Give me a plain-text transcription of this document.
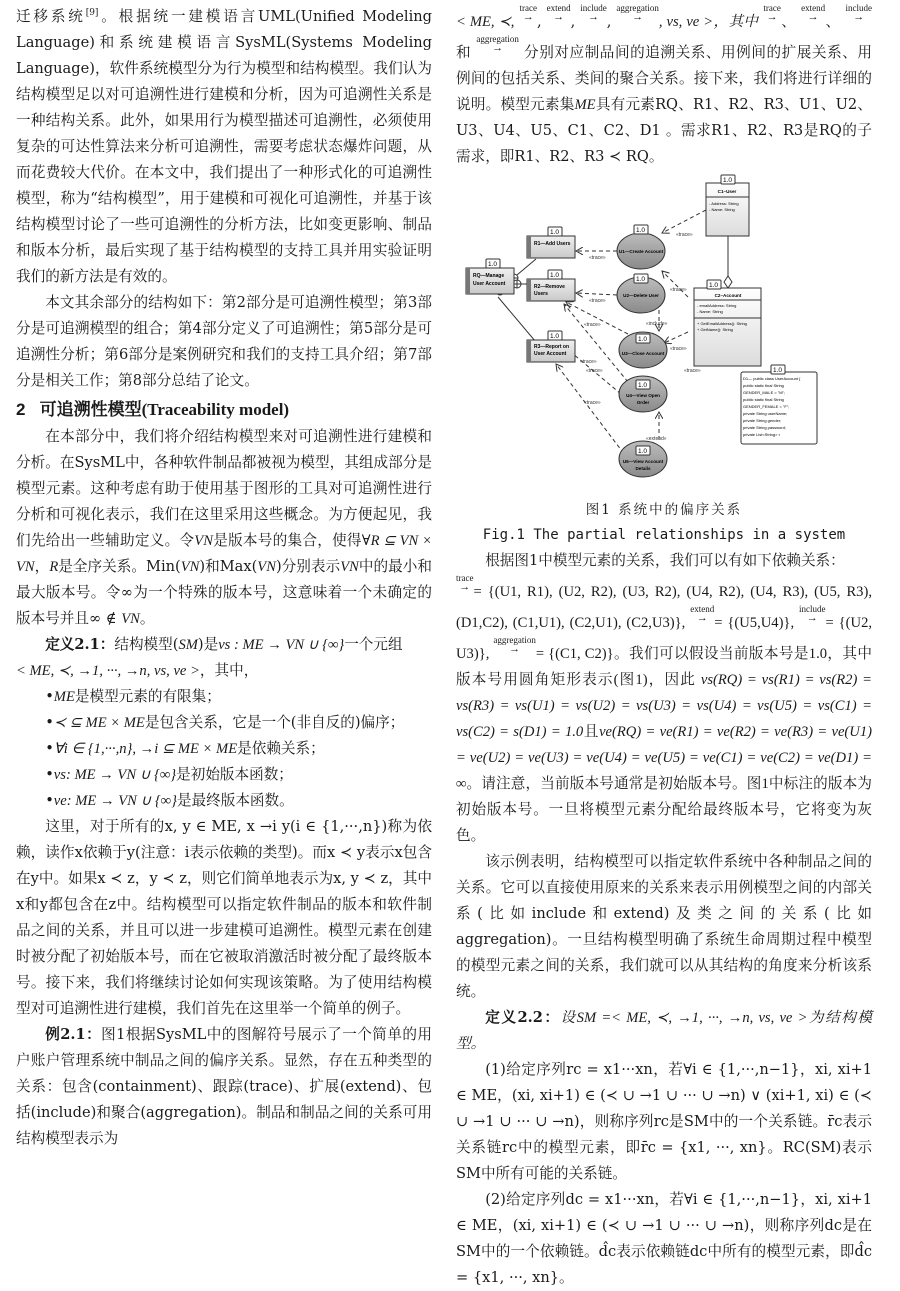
迁移系统[9]。根据统一建模语言UML(Unified Modeling Language)和系统建模语言SysML(Systems Modeling Language)，软件系统模型分为行为模型和结构模型。我们认为结构模型足以对可追溯性进行建模和分析，因为可追溯性关系是一种结构关系。此外，如果用行为模型描述可追溯性，必须使用复杂的可达性算法来分析可追溯性，需要考虑状态爆炸问题，从而花费较大代价。在本文中，我们提出了一种形式化的可追溯性模型，称为“结构模型”，用于建模和可视化可追溯性，并基于该结构模型讨论了一些可追溯性的分析方法，比如变更影响、制品和版本分析，最后实现了基于结构模型的支持工具并用实验证明我们的新方法是有效的。

本文其余部分的结构如下：第2部分是可追溯性模型；第3部分是可追溯模型的组合；第4部分定义了可追溯性；第5部分是可追溯性分析；第6部分是案例研究和我们的支持工具介绍；第7部分是相关工作；第8部分总结了论文。

2 可追溯性模型(Traceability model)

在本部分中，我们将介绍结构模型来对可追溯性进行建模和分析。在SysML中，各种软件制品都被视为模型，其组成部分是模型元素。这种考虑有助于使用基于图形的工具对可追溯性进行分析和可视化表示，我们在这里采用这些概念。为方便起见，我们先给出一些辅助定义。令VN是版本号的集合，使得∀R ⊆ VN × VN，R是全序关系。Min(VN)和Max(VN)分别表示VN中的最小和最大版本号。令∞为一个特殊的版本号，这意味着一个未确定的版本号并且∞ ∉ VN。

定义2.1：结构模型(SM)是vs : ME → VN ∪ {∞}一个元组

< ME, ≺, →1, ···, →n, vs, ve >，其中，

•ME是模型元素的有限集；

•≺ ⊆ ME × ME是包含关系，它是一个(非自反的)偏序；

•∀i ∈ {1,···,n}, →i ⊆ ME × ME是依赖关系；

•vs: ME → VN ∪ {∞}是初始版本函数；

•ve: ME → VN ∪ {∞}是最终版本函数。

这里，对于所有的x, y ∈ ME, x →i y(i ∈ {1,···,n})称为依赖，读作x依赖于y(注意：i表示依赖的类型)。而x ≺ y表示x包含在y中。如果x ≺ z，y ≺ z，则它们简单地表示为x, y ≺ z，其中x和y都包含在z中。结构模型可以指定软件制品的版本和软件制品之间的关系，并且可以进一步建模可追溯性。模型元素在创建时被分配了初始版本号，而在它被取消激活时被分配了最终版本号。接下来，我们将继续讨论如何实现该策略。为了使用结构模型对可追溯性进行建模，我们首先在这里举一个简单的例子。

例2.1：图1根据SysML中的图解符号展示了一个简单的用户账户管理系统中制品之间的偏序关系。显然，存在五种类型的关系：包含(containment)、跟踪(trace)、扩展(extend)、包括(include)和聚合(aggregation)。制品和制品之间的关系可用结构模型表示为

< ME, ≺, trace
→ , extend
→ , include
→ , aggregation
→	, vs, ve >，其中 trace
→ 、 extend
→ 、 include
→
和 aggregation
→	分别对应制品间的追溯关系、用例间的扩展关系、用例间的包括关系、类间的聚合关系。接下来，我们将进行详细的说明。模型元素集ME具有元素RQ、R1、R2、R3、U1、U2、U3、U4、U5、C1、C2、D1 。需求R1、R2、R3是RQ的子需求，即R1、R2、R3 ≺ RQ。

«trace»
«trace»
«trace»
«trace»
«trace»
«trace»
«trace»
«trace»
«trace»
«trace»
«include»
«extend»
1.0
RQ—Manage
User Account
1.0
R1—Add Users
1.0
R2—Remove
Users
1.0
R3—Report on
User Account
1.0
U1—Create Account
1.0
U2—Delete User
1.0
U3—Close Account
1.0
U4—View Open
Order
1.0
U5—View Account
Details
1.0
C1–User
- Address: String
- Name: String
1.0
C2–Account
- emailAddress: String
- Name: String
+ GetEmailAddress(): String
+ GetName(): String
1.0
D1— public class UserAccount {
public static final String
GENDER_MALE = "M";
public static final String
GENDER_FEMALE = "F";
private String userName;
private String gender;
private String password;
private List<String> r
图1 系统中的偏序关系
Fig.1 The partial relationships in a system

根据图1中模型元素的关系，我们可以有如下依赖关系：

trace
→ = {(U1, R1), (U2, R2), (U3, R2), (U4, R2), (U4, R3), (U5, R3), (D1,C2), (C1,U1), (C2,U1), (C2,U3)}, extend
→ = {(U5,U4)}, include
→ = {(U2, U3)}, aggregation
→	= {(C1, C2)}。我们可以假设当前版本号是1.0，其中版本号用圆角矩形表示(图1)，因此 vs(RQ) = vs(R1) = vs(R2) = vs(R3) = vs(U1) = vs(U2) = vs(U3) = vs(U4) = vs(U5) = vs(C1) = vs(C2) = s(D1) = 1.0且ve(RQ) = ve(R1) = ve(R2) = ve(R3) = ve(U1) = ve(U2) = ve(U3) = ve(U4) = ve(U5) = ve(C1) = ve(C2) = ve(D1) = ∞。请注意，当前版本号通常是初始版本号。图1中标注的版本为初始版本号。一旦将模型元素分配给最终版本号，它将变为灰色。

该示例表明，结构模型可以指定软件系统中各种制品之间的关系。它可以直接使用原来的关系来表示用例模型之间的内部关系(比如include和extend)及类之间的关系(比如aggregation)。一旦结构模型明确了系统生命周期过程中模型的模型元素之间的关系，我们就可以从其结构的角度来分析该系统。

定义2.2：设SM =< ME, ≺, →1, ···, →n, vs, ve >为结构模型。

(1)给定序列rc = x1···xn，若∀i ∈ {1,···,n−1}，xi, xi+1 ∈ ME，(xi, xi+1) ∈ (≺ ∪ →1 ∪ ··· ∪ →n) ∨ (xi+1, xi) ∈ (≺ ∪ →1 ∪ ··· ∪ →n)，则称序列rc是SM中的一个关系链。r̄c表示关系链rc中的模型元素，即r̄c = {x1, ···, xn}。RC(SM)表示SM中所有可能的关系链。

(2)给定序列dc = x1···xn，若∀i ∈ {1,···,n−1}，xi, xi+1 ∈ ME，(xi, xi+1) ∈ (≺ ∪ →1 ∪ ··· ∪ →n)，则称序列dc是在SM中的一个依赖链。d̂c表示依赖链dc中所有的模型元素，即d̂c = {x1, ···, xn}。
